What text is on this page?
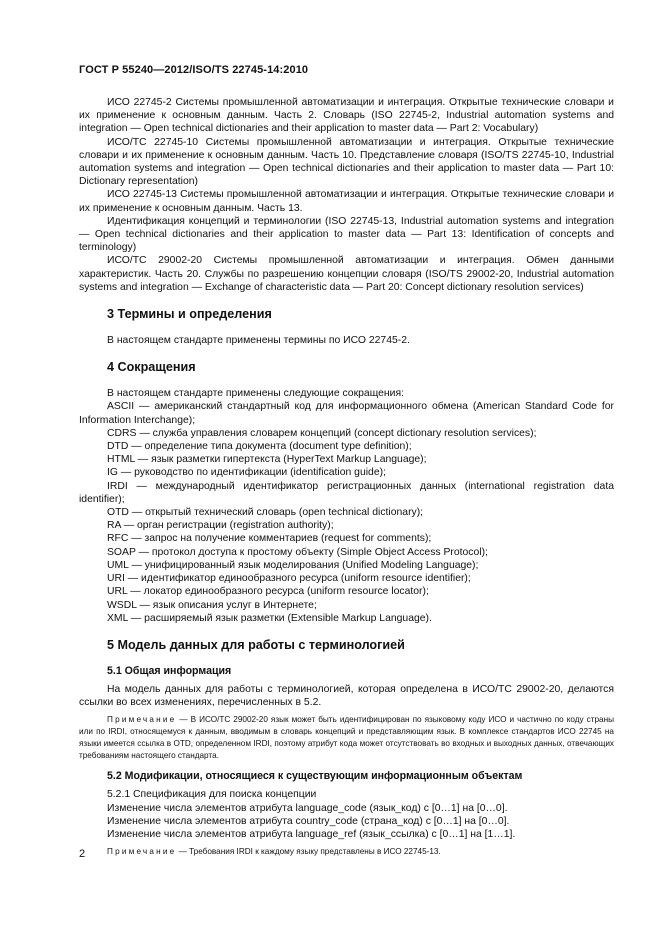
ГОСТ Р 55240—2012/ISO/TS 22745-14:2010

ИСО 22745-2 Системы промышленной автоматизации и интеграция. Открытые технические словари и их применение к основным данным. Часть 2. Словарь (ISO 22745-2, Industrial automation systems and integration — Open technical dictionaries and their application to master data — Part 2: Vocabulary)

ИСО/ТС 22745-10 Системы промышленной автоматизации и интеграция. Открытые технические словари и их применение к основным данным. Часть 10. Представление словаря (ISO/TS 22745-10, Industrial automation systems and integration — Open technical dictionaries and their application to master data — Part 10: Dictionary representation)

ИСО 22745-13 Системы промышленной автоматизации и интеграция. Открытые технические словари и их применение к основным данным. Часть 13.

Идентификация концепций и терминологии (ISO 22745-13, Industrial automation systems and integration — Open technical dictionaries and their application to master data — Part 13: Identification of concepts and terminology)

ИСО/ТС 29002-20 Системы промышленной автоматизации и интеграция. Обмен данными характеристик. Часть 20. Службы по разрешению концепции словаря (ISO/TS 29002-20, Industrial automation systems and integration — Exchange of characteristic data — Part 20: Concept dictionary resolution services)

3 Термины и определения

В настоящем стандарте применены термины по ИСО 22745-2.

4 Сокращения

В настоящем стандарте применены следующие сокращения:

ASCII — американский стандартный код для информационного обмена (American Standard Code for Information Interchange);

CDRS — служба управления словарем концепций (concept dictionary resolution services);

DTD — определение типа документа (document type definition);

HTML — язык разметки гипертекста (HyperText Markup Language);

IG — руководство по идентификации (identification guide);

IRDI — международный идентификатор регистрационных данных (international registration data identifier);

OTD — открытый технический словарь (open technical dictionary);

RA — орган регистрации (registration authority);

RFC — запрос на получение комментариев (request for comments);

SOAP — протокол доступа к простому объекту (Simple Object Access Protocol);

UML — унифицированный язык моделирования (Unified Modeling Language);

URI — идентификатор единообразного ресурса (uniform resource identifier);

URL — локатор единообразного ресурса (uniform resource locator);

WSDL — язык описания услуг в Интернете;

XML — расширяемый язык разметки (Extensible Markup Language).

5 Модель данных для работы с терминологией
5.1 Общая информация

На модель данных для работы с терминологией, которая определена в ИСО/ТС 29002-20, делаются ссылки во всех изменениях, перечисленных в 5.2.

Примечание — В ИСО/ТС 29002-20 язык может быть идентифицирован по языковому коду ИСО и частично по коду страны или по IRDI, относящемуся к данным, вводимым в словарь концепций и представляющим язык. В комплексе стандартов ИСО 22745 на языки имеется ссылка в OTD, определенном IRDI, поэтому атрибут кода может отсутствовать во входных и выходных данных, отвечающих требованиям настоящего стандарта.

5.2 Модификации, относящиеся к существующим информационным объектам

5.2.1 Спецификация для поиска концепции

Изменение числа элементов атрибута language_code (язык_код) с [0…1] на [0…0].

Изменение числа элементов атрибута country_code (страна_код) с [0…1] на [0…0].

Изменение числа элементов атрибута language_ref (язык_ссылка) с [0…1] на [1…1].

Примечание — Требования IRDI к каждому языку представлены в ИСО 22745-13.

2
